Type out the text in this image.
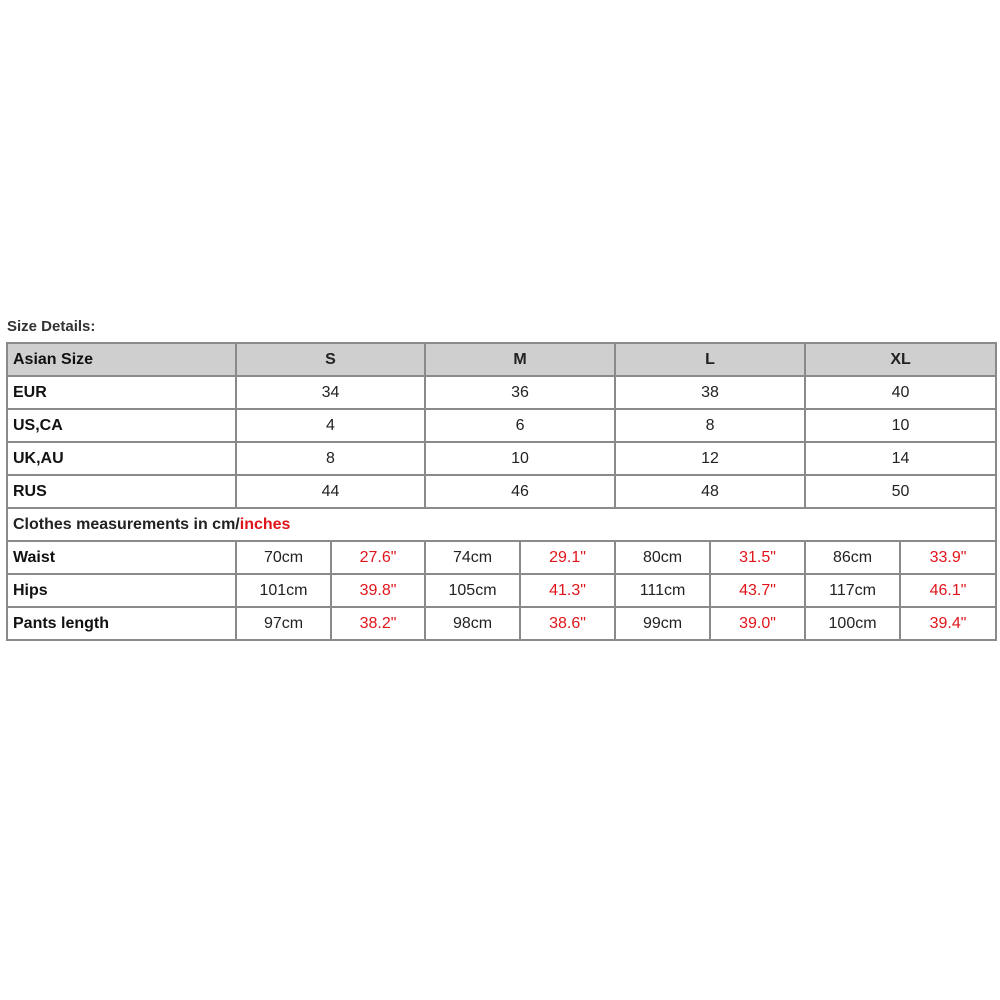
Size Details:
Asian Size	S		M		L		XL	
EUR	34		36		38		40	
US,CA	4		6		8		10	
UK,AU	8		10		12		14	
RUS	44		46		48		50	
Clothes measurements in cm/inches								
Waist	70cm	27.6"	74cm	29.1"	80cm	31.5"	86cm	33.9"
Hips	101cm	39.8"	105cm	41.3"	111cm	43.7"	117cm	46.1"
Pants length	97cm	38.2"	98cm	38.6"	99cm	39.0"	100cm	39.4"
